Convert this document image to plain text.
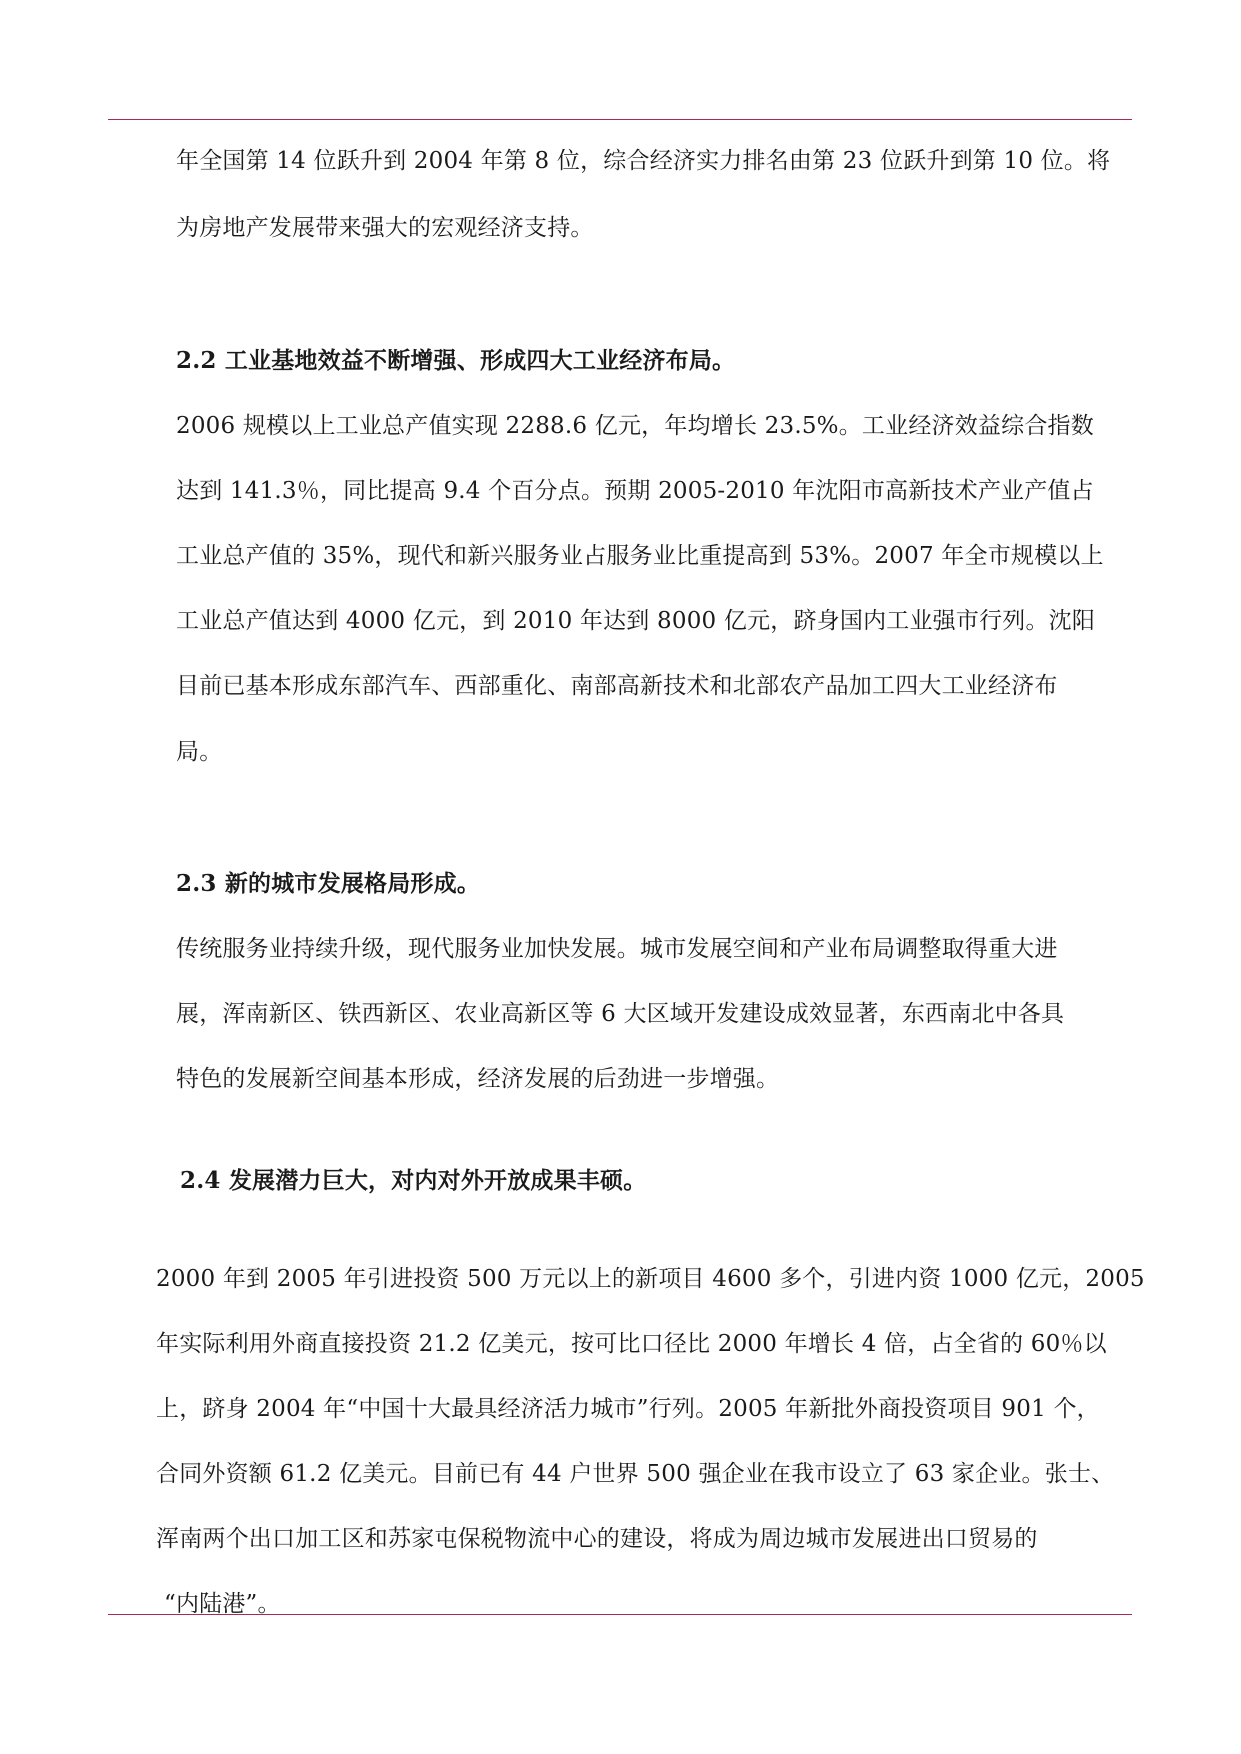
年全国第 14 位跃升到 2004 年第 8 位，综合经济实力排名由第 23 位跃升到第 10 位。将
为房地产发展带来强大的宏观经济支持。
2.2 工业基地效益不断增强、形成四大工业经济布局。
2006 规模以上工业总产值实现 2288.6 亿元，年均增长 23.5%。工业经济效益综合指数
达到 141.3％，同比提高 9.4 个百分点。预期 2005-2010 年沈阳市高新技术产业产值占
工业总产值的 35%，现代和新兴服务业占服务业比重提高到 53%。2007 年全市规模以上
工业总产值达到 4000 亿元，到 2010 年达到 8000 亿元，跻身国内工业强市行列。沈阳
目前已基本形成东部汽车、西部重化、南部高新技术和北部农产品加工四大工业经济布
局。
2.3 新的城市发展格局形成。
传统服务业持续升级，现代服务业加快发展。城市发展空间和产业布局调整取得重大进
展，浑南新区、铁西新区、农业高新区等 6 大区域开发建设成效显著，东西南北中各具
特色的发展新空间基本形成，经济发展的后劲进一步增强。
2.4 发展潜力巨大，对内对外开放成果丰硕。
2000 年到 2005 年引进投资 500 万元以上的新项目 4600 多个，引进内资 1000 亿元，2005
年实际利用外商直接投资 21.2 亿美元，按可比口径比 2000 年增长 4 倍，占全省的 60％以
上，跻身 2004 年“中国十大最具经济活力城市”行列。2005 年新批外商投资项目 901 个，
合同外资额 61.2 亿美元。目前已有 44 户世界 500 强企业在我市设立了 63 家企业。张士、
浑南两个出口加工区和苏家屯保税物流中心的建设，将成为周边城市发展进出口贸易的
“内陆港”。
